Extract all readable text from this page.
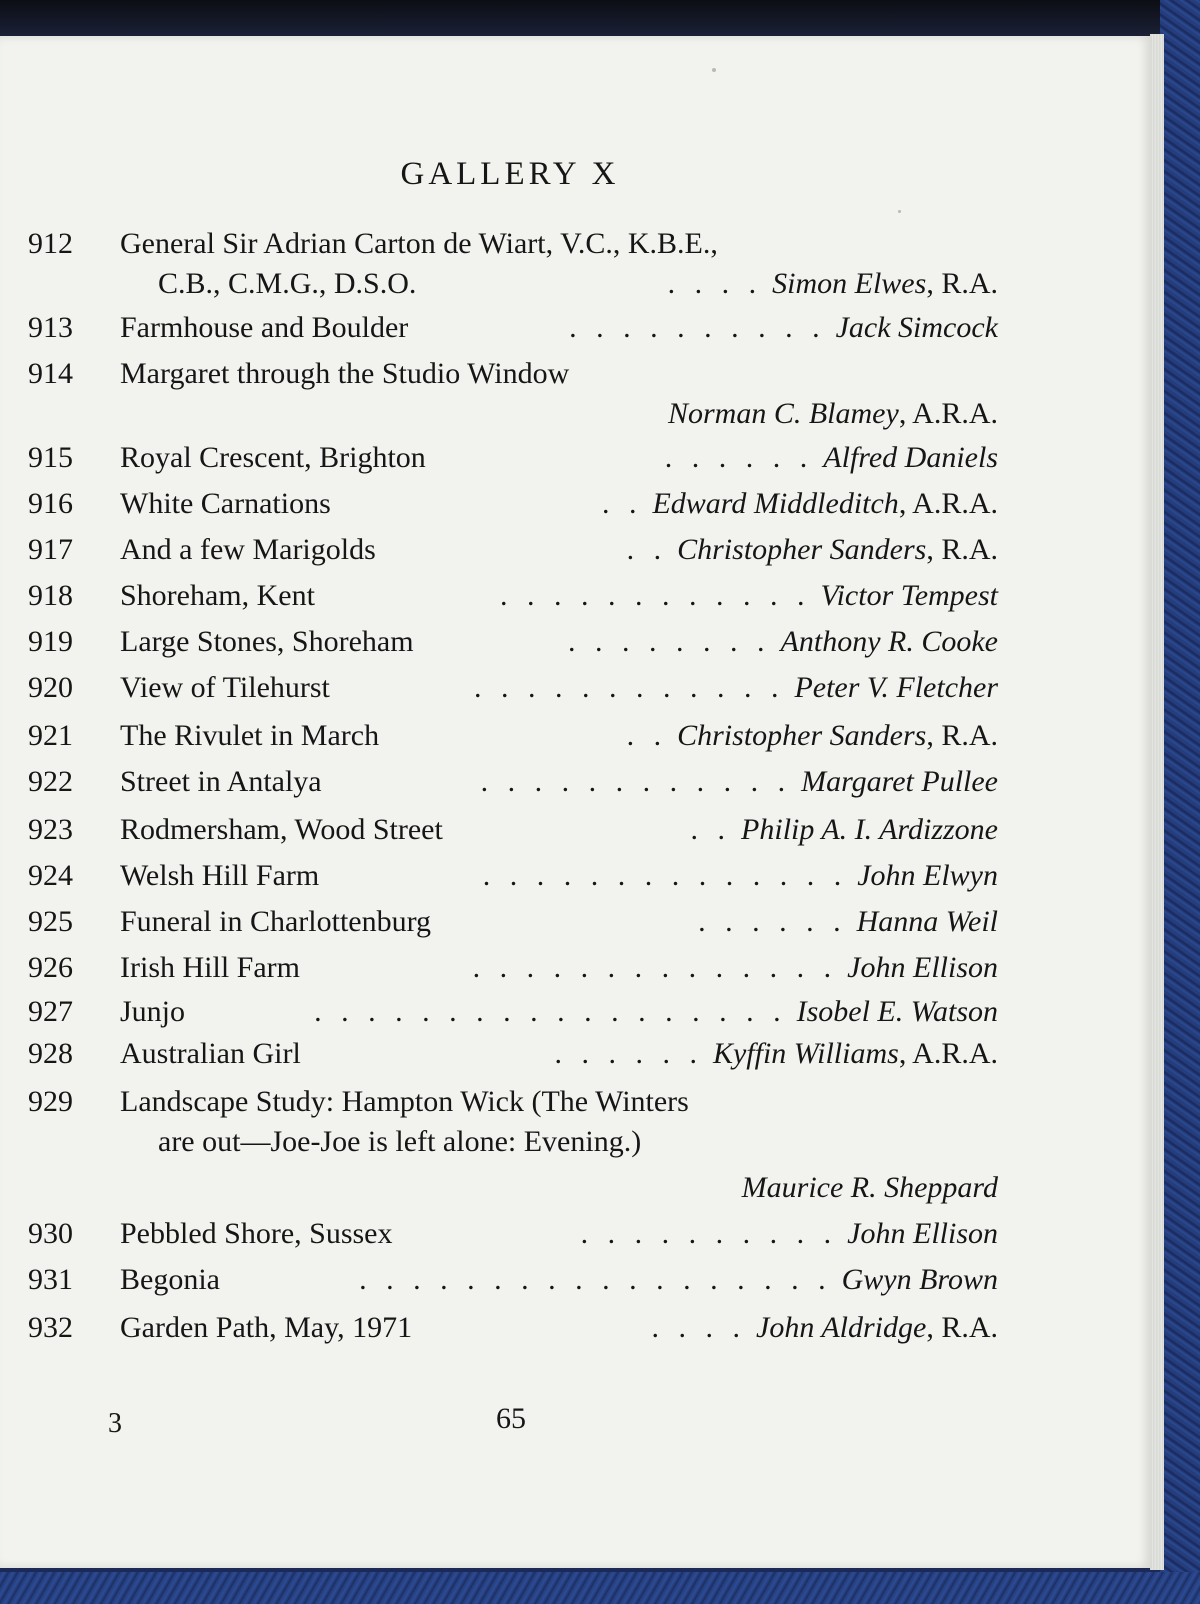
GALLERY X
912	General Sir Adrian Carton de Wiart, V.C., K.B.E.,
C.B., C.M.G., D.S.O.	. . . . Simon Elwes, R.A.
913	Farmhouse and Boulder	. . . . . . . . . . Jack Simcock
914	Margaret through the Studio Window
Norman C. Blamey, A.R.A.
915	Royal Crescent, Brighton	. . . . . . Alfred Daniels
916	White Carnations	. . Edward Middleditch, A.R.A.
917	And a few Marigolds	. . Christopher Sanders, R.A.
918	Shoreham, Kent	. . . . . . . . . . . . Victor Tempest
919	Large Stones, Shoreham	. . . . . . . . Anthony R. Cooke
920	View of Tilehurst	. . . . . . . . . . . . Peter V. Fletcher
921	The Rivulet in March	. . Christopher Sanders, R.A.
922	Street in Antalya	. . . . . . . . . . . . Margaret Pullee
923	Rodmersham, Wood Street	. . Philip A. I. Ardizzone
924	Welsh Hill Farm	. . . . . . . . . . . . . . John Elwyn
925	Funeral in Charlottenburg	. . . . . . Hanna Weil
926	Irish Hill Farm	. . . . . . . . . . . . . . John Ellison
927	Junjo	. . . . . . . . . . . . . . . . . . Isobel E. Watson
928	Australian Girl	. . . . . . Kyffin Williams, A.R.A.
929	Landscape Study: Hampton Wick (The Winters
are out—Joe-Joe is left alone: Evening.)
Maurice R. Sheppard
930	Pebbled Shore, Sussex	. . . . . . . . . . John Ellison
931	Begonia	. . . . . . . . . . . . . . . . . . Gwyn Brown
932	Garden Path, May, 1971	. . . . John Aldridge, R.A.
3	65
